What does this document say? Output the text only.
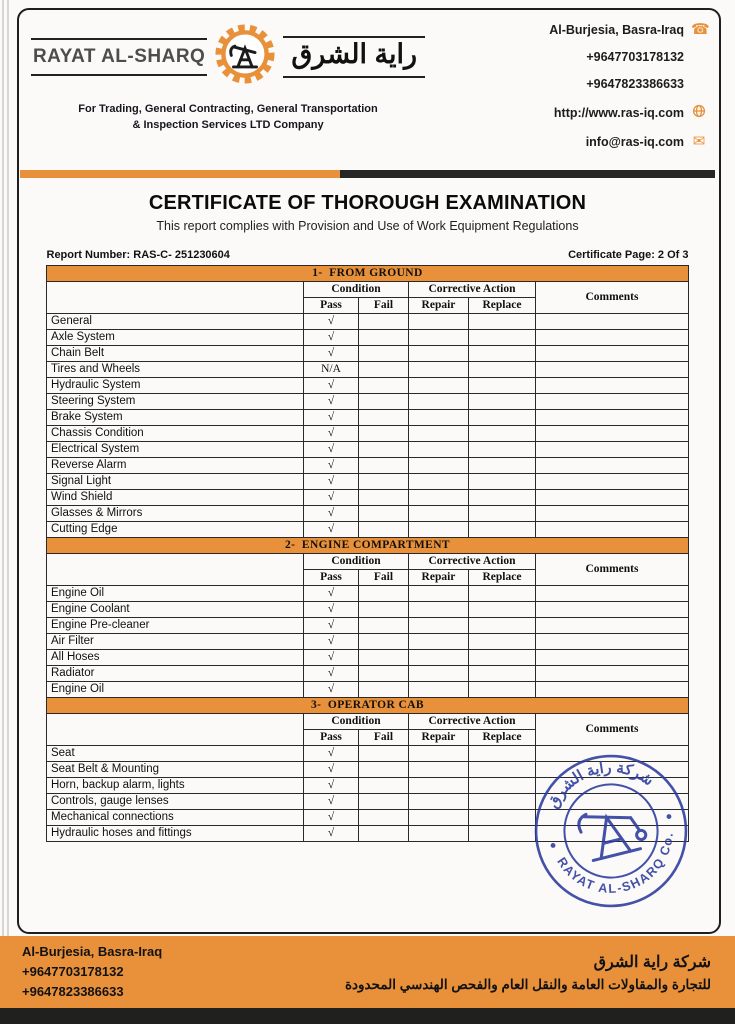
RAYAT AL-SHARQ	راية الشرق
For Trading, General Contracting, General Transportation
& Inspection Services LTD Company
Al-Burjesia, Basra-Iraq ☎
+9647703178132
+9647823386633
http://www.ras-iq.com
info@ras-iq.com ✉
CERTIFICATE OF THOROUGH EXAMINATION

This report complies with Provision and Use of Work Equipment Regulations

Report Number: RAS-C- 251230604	Certificate Page: 2 Of 3
1-  FROM GROUND					
	Condition		Corrective Action		Comments
	Pass	Fail	Repair	Replace	
General	√				
Axle System	√				
Chain Belt	√				
Tires and Wheels	N/A				
Hydraulic System	√				
Steering System	√				
Brake System	√				
Chassis Condition	√				
Electrical System	√				
Reverse Alarm	√				
Signal Light	√				
Wind Shield	√				
Glasses & Mirrors	√				
Cutting Edge	√				
2-  ENGINE COMPARTMENT					
	Condition		Corrective Action		Comments
	Pass	Fail	Repair	Replace	
Engine Oil	√				
Engine Coolant	√				
Engine Pre-cleaner	√				
Air Filter	√				
All Hoses	√				
Radiator	√				
Engine Oil	√				
3-  OPERATOR CAB					
	Condition		Corrective Action		Comments
	Pass	Fail	Repair	Replace	
Seat	√				
Seat Belt & Mounting	√				
Horn, backup alarm, lights	√				
Controls, gauge lenses	√				
Mechanical connections	√				
Hydraulic hoses and fittings	√				
شركة راية الشرق
RAYAT AL-SHARQ Co.
Al-Burjesia, Basra-Iraq
+9647703178132
+9647823386633
شركة راية الشرق
للتجارة والمقاولات العامة والنقل العام والفحص الهندسي المحدودة
